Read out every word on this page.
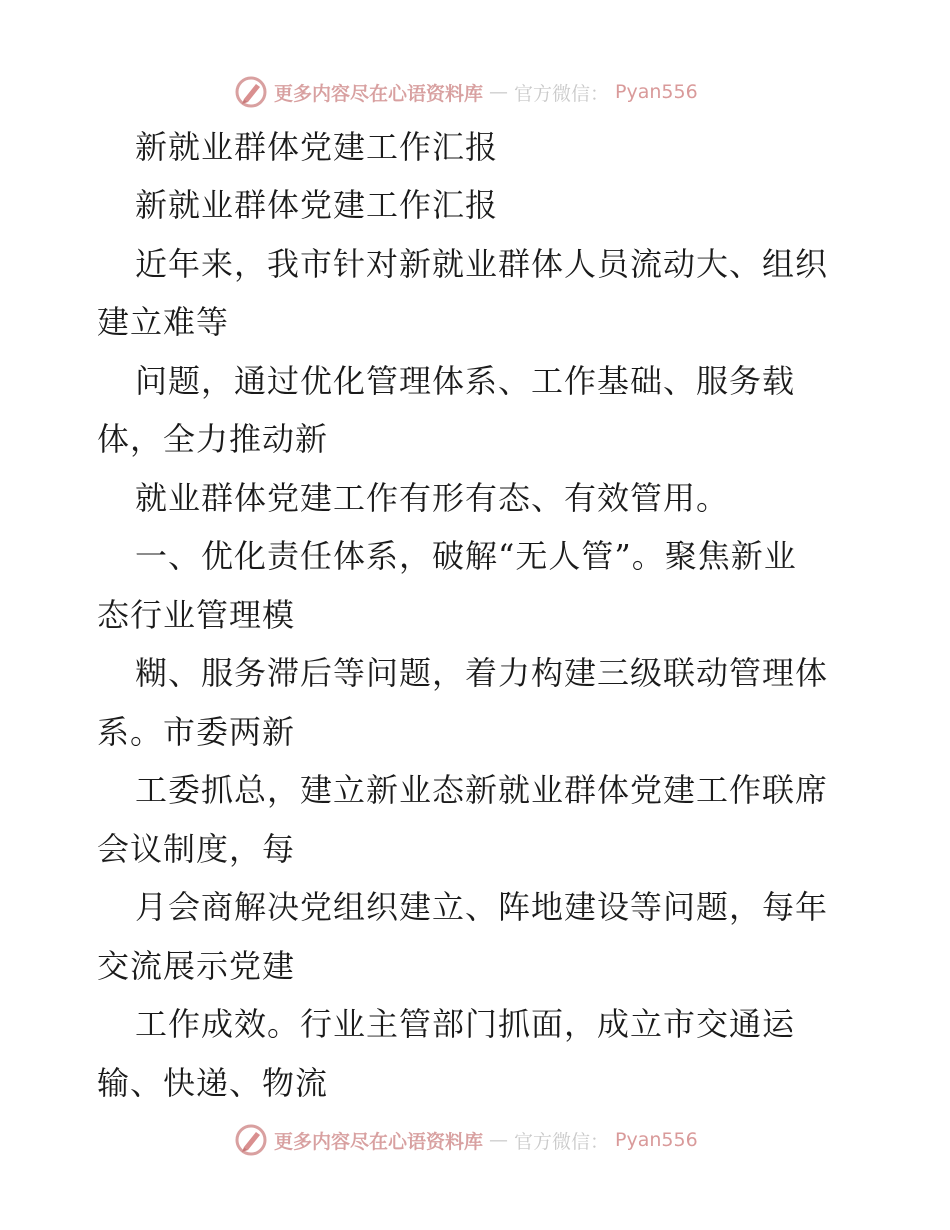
更多内容尽在心语资料库 — 官方微信： Pyan556
新就业群体党建工作汇报
新就业群体党建工作汇报
近年来，我市针对新就业群体人员流动大、组织
建立难等
问题，通过优化管理体系、工作基础、服务载
体，全力推动新
就业群体党建工作有形有态、有效管用。
一、优化责任体系，破解“无人管”。聚焦新业
态行业管理模
糊、服务滞后等问题，着力构建三级联动管理体
系。市委两新
工委抓总，建立新业态新就业群体党建工作联席
会议制度，每
月会商解决党组织建立、阵地建设等问题，每年
交流展示党建
工作成效。行业主管部门抓面，成立市交通运
输、快递、物流
更多内容尽在心语资料库 — 官方微信： Pyan556
